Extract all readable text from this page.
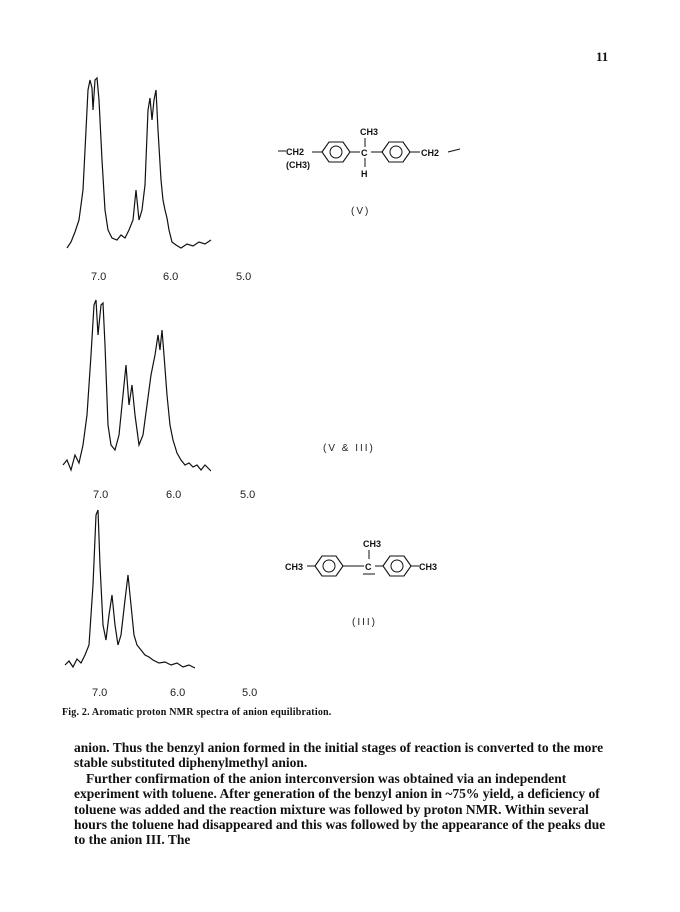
11
7.0	6.0	5.0
7.0	6.0	5.0
7.0	6.0	5.0
CH2
(CH3)
CH3
C
H
CH2
(V)
(V & III)
CH3
CH3
C	CH3
(III)
Fig. 2. Aromatic proton NMR spectra of anion equilibration.

anion. Thus the benzyl anion formed in the initial stages of reaction is converted to the more stable substituted diphenylmethyl anion.

Further confirmation of the anion interconversion was obtained via an independent experiment with toluene. After generation of the benzyl anion in ~75% yield, a deficiency of toluene was added and the reaction mixture was followed by proton NMR. Within several hours the toluene had disappeared and this was followed by the appearance of the peaks due to the anion III. The
